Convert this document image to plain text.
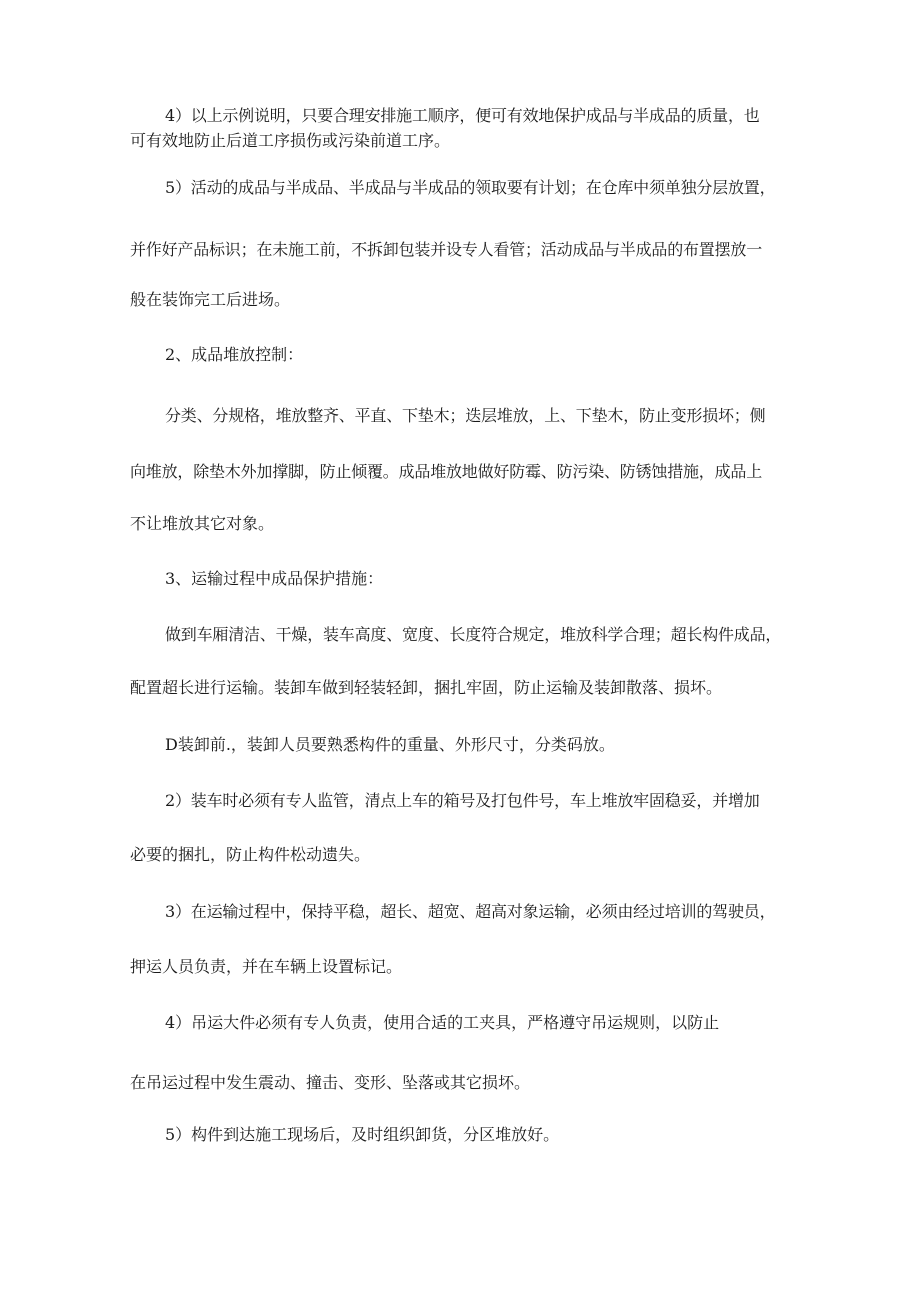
4）以上示例说明，只要合理安排施工顺序，便可有效地保护成品与半成品的质量，也
可有效地防止后道工序损伤或污染前道工序。
5）活动的成品与半成品、半成品与半成品的领取要有计划；在仓库中须单独分层放置，
并作好产品标识；在未施工前，不拆卸包装并设专人看管；活动成品与半成品的布置摆放一
般在装饰完工后进场。
2、成品堆放控制：
分类、分规格，堆放整齐、平直、下垫木；迭层堆放，上、下垫木，防止变形损坏；侧
向堆放，除垫木外加撑脚，防止倾覆。成品堆放地做好防霉、防污染、防锈蚀措施，成品上
不让堆放其它对象。
3、运输过程中成品保护措施：
做到车厢清洁、干燥，装车高度、宽度、长度符合规定，堆放科学合理；超长构件成品，
配置超长进行运输。装卸车做到轻装轻卸，捆扎牢固，防止运输及装卸散落、损坏。
D装卸前.，装卸人员要熟悉构件的重量、外形尺寸，分类码放。
2）装车时必须有专人监管，清点上车的箱号及打包件号，车上堆放牢固稳妥，并增加
必要的捆扎，防止构件松动遗失。
3）在运输过程中，保持平稳，超长、超宽、超高对象运输，必须由经过培训的驾驶员，
押运人员负责，并在车辆上设置标记。
4）吊运大件必须有专人负责，使用合适的工夹具，严格遵守吊运规则，以防止
在吊运过程中发生震动、撞击、变形、坠落或其它损坏。
5）构件到达施工现场后，及时组织卸货，分区堆放好。
